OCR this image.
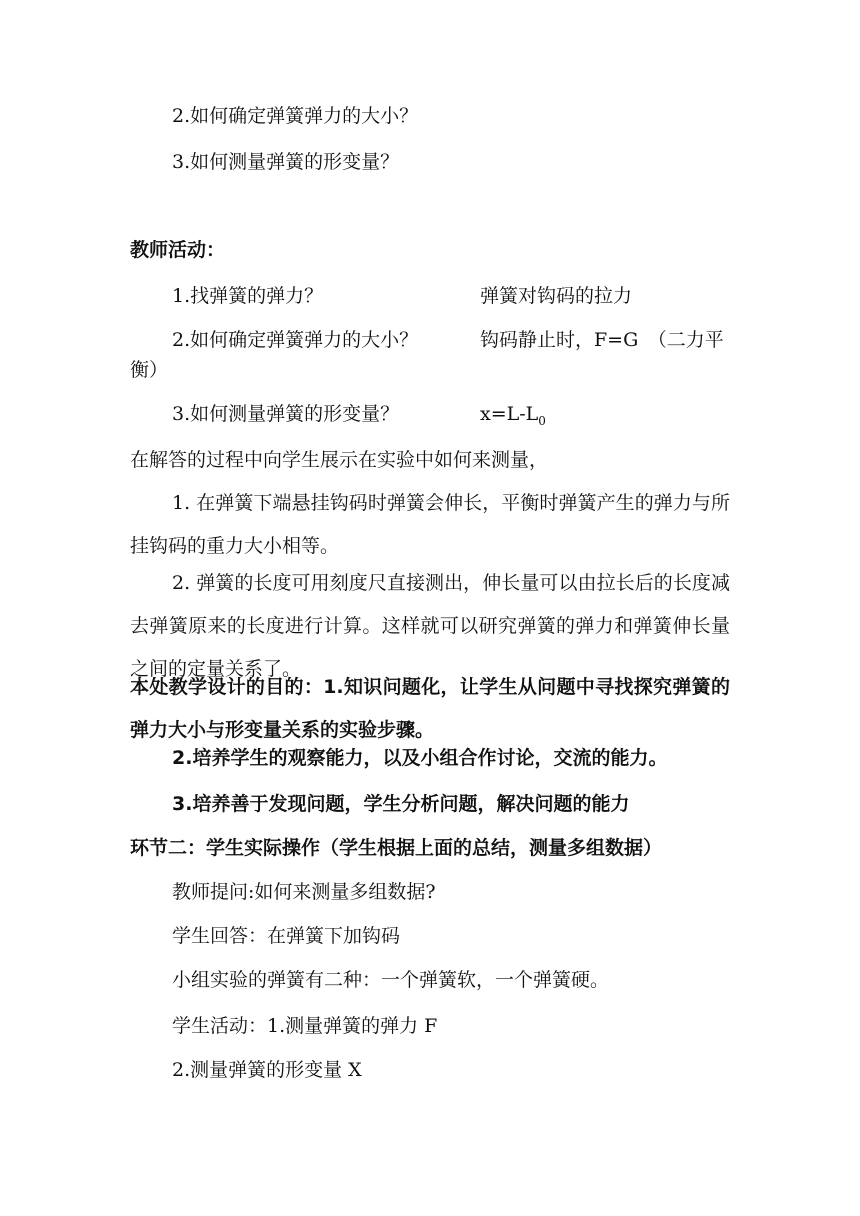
2.如何确定弹簧弹力的大小？
3.如何测量弹簧的形变量？
教师活动：
1.找弹簧的弹力？	弹簧对钩码的拉力
2.如何确定弹簧弹力的大小？	钩码静止时，F=G　（二力平
衡）
3.如何测量弹簧的形变量？	$x=L-L_0$
在解答的过程中向学生展示在实验中如何来测量，
1. 在弹簧下端悬挂钩码时弹簧会伸长，平衡时弹簧产生的弹力与所挂钩码的重力大小相等。
2. 弹簧的长度可用刻度尺直接测出，伸长量可以由拉长后的长度减去弹簧原来的长度进行计算。这样就可以研究弹簧的弹力和弹簧伸长量之间的定量关系了。
本处教学设计的目的：1.知识问题化，让学生从问题中寻找探究弹簧的弹力大小与形变量关系的实验步骤。
2.培养学生的观察能力，以及小组合作讨论，交流的能力。
3.培养善于发现问题，学生分析问题，解决问题的能力
环节二：学生实际操作（学生根据上面的总结，测量多组数据）
教师提问:如何来测量多组数据?
学生回答：在弹簧下加钩码
小组实验的弹簧有二种：一个弹簧软，一个弹簧硬。
学生活动：1.测量弹簧的弹力 F
2.测量弹簧的形变量 X
